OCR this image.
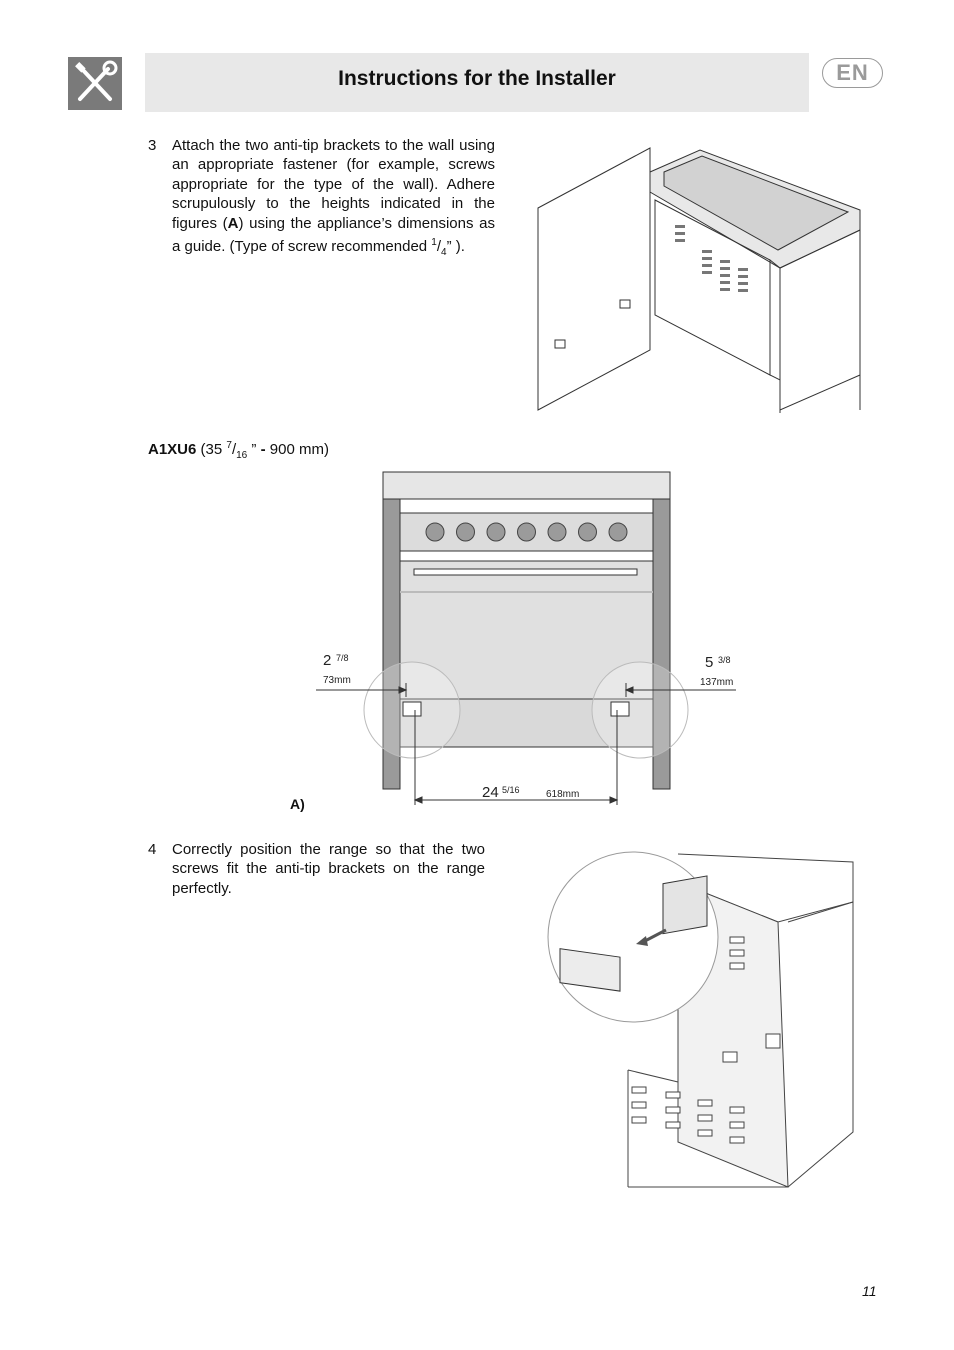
Instructions for the Installer	EN
3	Attach the two anti-tip brackets to the wall using an appropriate fastener (for example, screws appropriate for the type of the wall). Adhere scrupulously to the heights indicated in the figures (A) using the appliance’s dimensions as a guide. (Type of screw recommended $^1/_4$” ).
A1XU6 (35 $^7/_{16}$ ” - 900 mm)
2 7/8
73mm
5 3/8
137mm
24 5/16	618mm
A)
4	Correctly position the range so that the two screws fit the anti-tip brackets on the range perfectly.
11
